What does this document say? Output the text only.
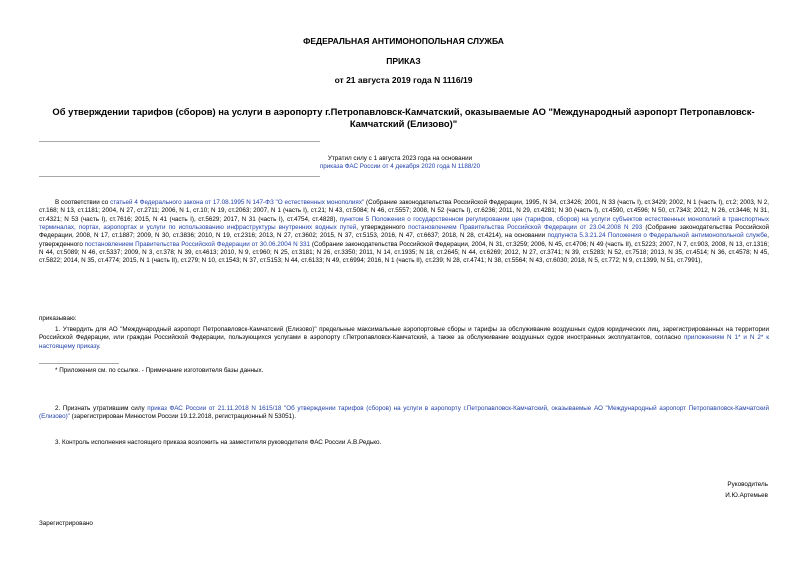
ФЕДЕРАЛЬНАЯ АНТИМОНОПОЛЬНАЯ СЛУЖБА
ПРИКАЗ
от 21 августа 2019 года N 1116/19
Об утверждении тарифов (сборов) на услуги в аэропорту г.Петропавловск-Камчатский, оказываемые АО "Международный аэропорт Петропавловск-Камчатский (Елизово)"
Утратил силу с 1 августа 2023 года на основании
приказа ФАС России от 4 декабря 2020 года N 1188/20
В соответствии со статьей 4 Федерального закона от 17.08.1995 N 147-ФЗ "О естественных монополиях" (Собрание законодательства Российской Федерации, 1995, N 34, ст.3426; 2001, N 33 (часть I), ст.3429; 2002, N 1 (часть I), ст.2; 2003, N 2, ст.168; N 13, ст.1181; 2004, N 27, ст.2711; 2006, N 1, ст.10; N 19, ст.2063; 2007, N 1 (часть I), ст.21; N 43, ст.5084; N 46, ст.5557; 2008, N 52 (часть I), ст.6236; 2011, N 29, ст.4281; N 30 (часть I), ст.4590, ст.4596; N 50, ст.7343; 2012, N 26, ст.3446; N 31, ст.4321; N 53 (часть I), ст.7616; 2015, N 41 (часть I), ст.5629; 2017, N 31 (часть I), ст.4754, ст.4828), пунктом 5 Положения о государственном регулировании цен (тарифов, сборов) на услуги субъектов естественных монополий в транспортных терминалах, портах, аэропортах и услуги по использованию инфраструктуры внутренних водных путей, утвержденного постановлением Правительства Российской Федерации от 23.04.2008 N 293 (Собрание законодательства Российской Федерации, 2008, N 17, ст.1887; 2009, N 30, ст.3836; 2010, N 19, ст.2316; 2013, N 27, ст.3602; 2015, N 37, ст.5153, 2016, N 47, ст.6637; 2018, N 28, ст.4214), на основании подпункта 5.3.21.24 Положения о Федеральной антимонопольной службе, утвержденного постановлением Правительства Российской Федерации от 30.06.2004 N 331 (Собрание законодательства Российской Федерации, 2004, N 31, ст.3259; 2006, N 45, ст.4706; N 49 (часть II), ст.5223; 2007, N 7, ст.903, 2008, N 13, ст.1316; N 44, ст.5089; N 46, ст.5337; 2009, N 3, ст.378; N 39, ст.4613; 2010, N 9, ст.960; N 25, ст.3181; N 26, ст.3350; 2011, N 14, ст.1935; N 18, ст.2645; N 44, ст.6269; 2012, N 27, ст.3741; N 39, ст.5283; N 52, ст.7518; 2013, N 35, ст.4514; N 36, ст.4578; N 45, ст.5822; 2014, N 35, ст.4774; 2015, N 1 (часть II), ст.279; N 10, ст.1543; N 37, ст.5153; N 44, ст.6133; N 49, ст.6994; 2016, N 1 (часть II), ст.239; N 28, ст.4741; N 38, ст.5564; N 43, ст.6030; 2018, N 5, ст.772; N 9, ст.1399, N 51, ст.7991),
приказываю:
1. Утвердить для АО "Международный аэропорт Петропавловск-Камчатский (Елизово)" предельные максимальные аэропортовые сборы и тарифы за обслуживание воздушных судов юридических лиц, зарегистрированных на территории Российской Федерации, или граждан Российской Федерации, пользующихся услугами в аэропорту г.Петропавловск-Камчатский, а также за обслуживание воздушных судов иностранных эксплуатантов, согласно приложениям N 1* и N 2* к настоящему приказу.
* Приложения см. по ссылке. - Примечание изготовителя базы данных.
2. Признать утратившим силу приказ ФАС России от 21.11.2018 N 1615/18 "Об утверждении тарифов (сборов) на услуги в аэропорту г.Петропавловск-Камчатский, оказываемые АО "Международный аэропорт Петропавловск-Камчатский (Елизово)" (зарегистрирован Минюстом России 19.12.2018, регистрационный N 53051).
3. Контроль исполнения настоящего приказа возложить на заместителя руководителя ФАС России А.В.Редько.
Руководитель
И.Ю.Артемьев
Зарегистрировано
